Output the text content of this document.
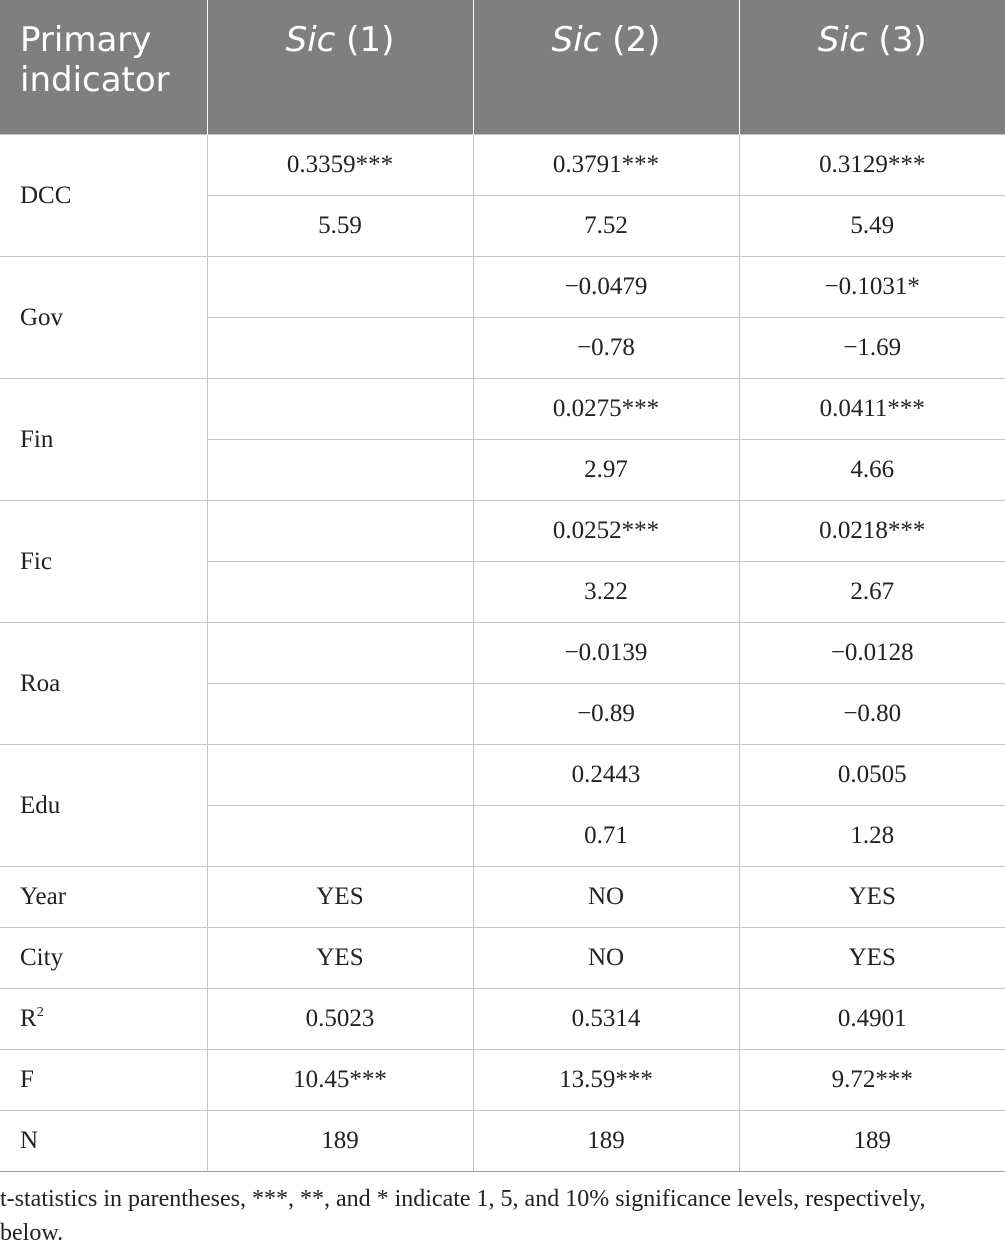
Primary
indicator	Sic (1)	Sic (2)	Sic (3)
DCC	0.3359***	0.3791***	0.3129***
	5.59	7.52	5.49
Gov		−0.0479	−0.1031*
		−0.78	−1.69
Fin		0.0275***	0.0411***
		2.97	4.66
Fic		0.0252***	0.0218***
		3.22	2.67
Roa		−0.0139	−0.0128
		−0.89	−0.80
Edu		0.2443	0.0505
		0.71	1.28
Year	YES	NO	YES
City	YES	NO	YES
$R^2$	0.5023	0.5314	0.4901
F	10.45***	13.59***	9.72***
N	189	189	189
t-statistics in parentheses, ***, **, and * indicate 1, 5, and 10% significance levels, respectively, below.
